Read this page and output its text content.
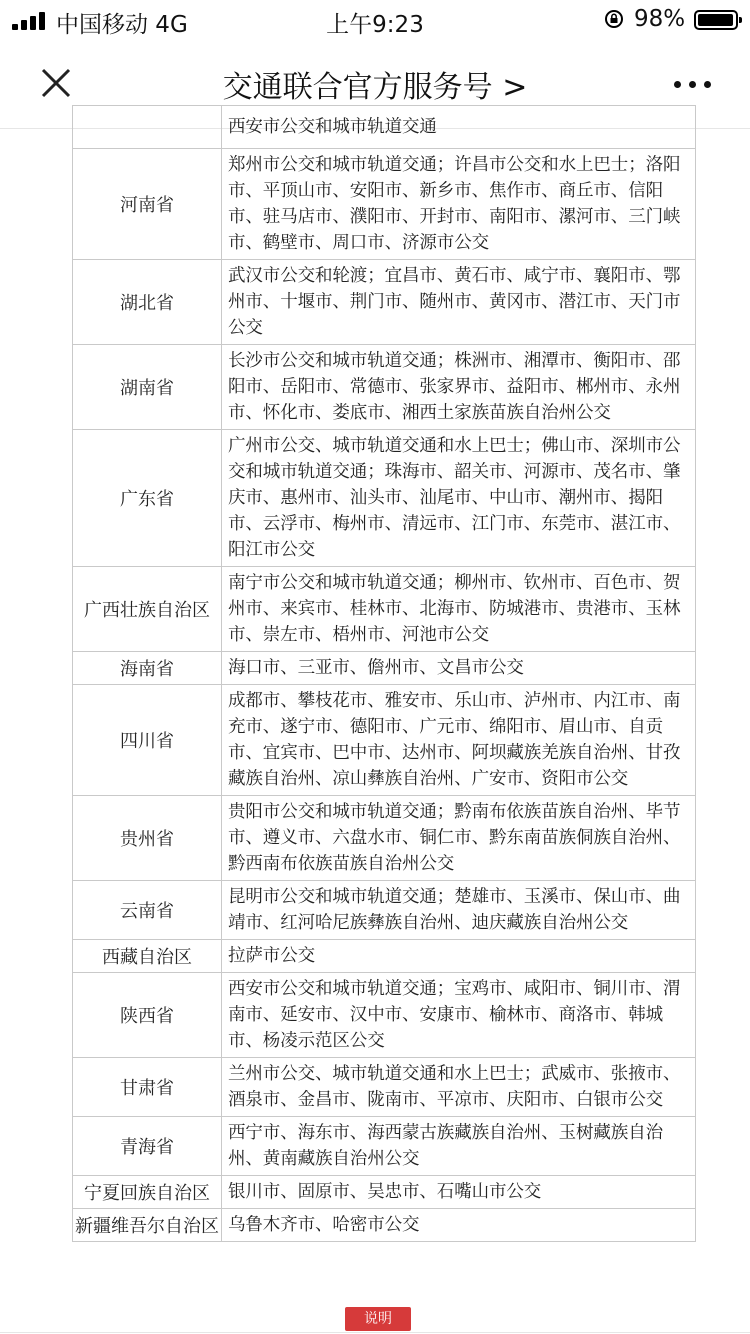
中国移动 4G	上午9:23	98%
交通联合官方服务号 >
	西安市公交和城市轨道交通
河南省	郑州市公交和城市轨道交通；许昌市公交和水上巴士；洛阳市、平顶山市、安阳市、新乡市、焦作市、商丘市、信阳市、驻马店市、濮阳市、开封市、南阳市、漯河市、三门峡市、鹤壁市、周口市、济源市公交
湖北省	武汉市公交和轮渡；宜昌市、黄石市、咸宁市、襄阳市、鄂州市、十堰市、荆门市、随州市、黄冈市、潜江市、天门市公交
湖南省	长沙市公交和城市轨道交通；株洲市、湘潭市、衡阳市、邵阳市、岳阳市、常德市、张家界市、益阳市、郴州市、永州市、怀化市、娄底市、湘西土家族苗族自治州公交
广东省	广州市公交、城市轨道交通和水上巴士；佛山市、深圳市公交和城市轨道交通；珠海市、韶关市、河源市、茂名市、肇庆市、惠州市、汕头市、汕尾市、中山市、潮州市、揭阳市、云浮市、梅州市、清远市、江门市、东莞市、湛江市、阳江市公交
广西壮族自治区	南宁市公交和城市轨道交通；柳州市、钦州市、百色市、贺州市、来宾市、桂林市、北海市、防城港市、贵港市、玉林市、崇左市、梧州市、河池市公交
海南省	海口市、三亚市、儋州市、文昌市公交
四川省	成都市、攀枝花市、雅安市、乐山市、泸州市、内江市、南充市、遂宁市、德阳市、广元市、绵阳市、眉山市、自贡市、宜宾市、巴中市、达州市、阿坝藏族羌族自治州、甘孜藏族自治州、凉山彝族自治州、广安市、资阳市公交
贵州省	贵阳市公交和城市轨道交通；黔南布依族苗族自治州、毕节市、遵义市、六盘水市、铜仁市、黔东南苗族侗族自治州、黔西南布依族苗族自治州公交
云南省	昆明市公交和城市轨道交通；楚雄市、玉溪市、保山市、曲靖市、红河哈尼族彝族自治州、迪庆藏族自治州公交
西藏自治区	拉萨市公交
陕西省	西安市公交和城市轨道交通；宝鸡市、咸阳市、铜川市、渭南市、延安市、汉中市、安康市、榆林市、商洛市、韩城市、杨凌示范区公交
甘肃省	兰州市公交、城市轨道交通和水上巴士；武威市、张掖市、酒泉市、金昌市、陇南市、平凉市、庆阳市、白银市公交
青海省	西宁市、海东市、海西蒙古族藏族自治州、玉树藏族自治州、黄南藏族自治州公交
宁夏回族自治区	银川市、固原市、吴忠市、石嘴山市公交
新疆维吾尔自治区	乌鲁木齐市、哈密市公交
说明
